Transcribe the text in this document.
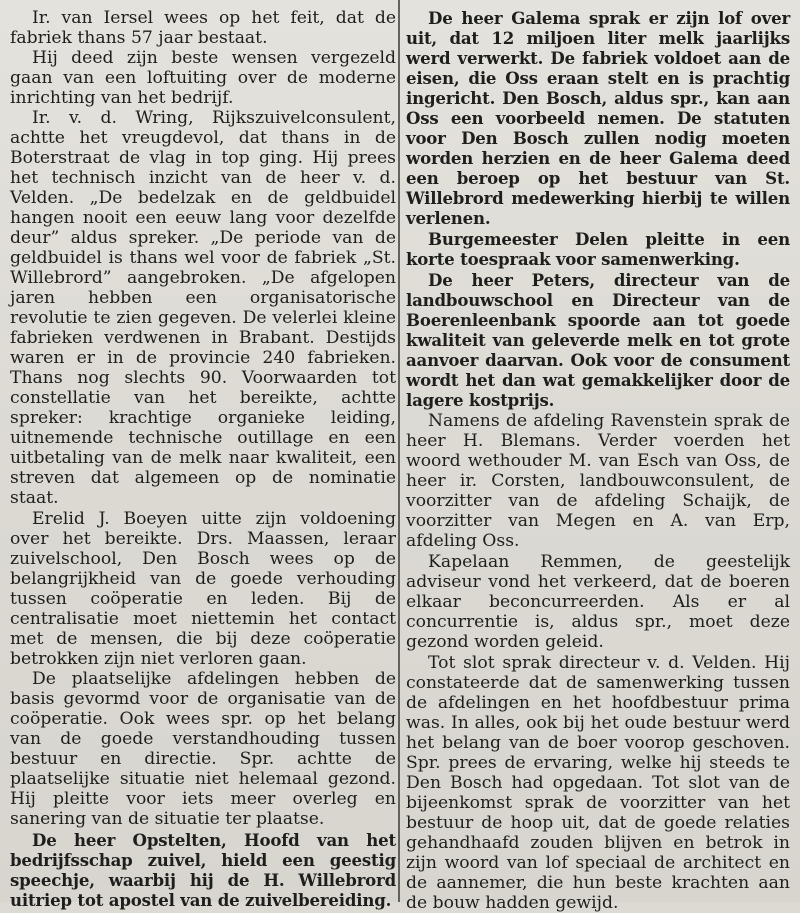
Ir. van Iersel wees op het feit, dat de fabriek thans 57 jaar bestaat.

Hij deed zijn beste wensen vergezeld gaan van een loftuiting over de moderne inrichting van het bedrijf.

Ir. v. d. Wring, Rijkszuivelconsulent, achtte het vreugdevol, dat thans in de Boterstraat de vlag in top ging. Hij prees het technisch inzicht van de heer v. d. Velden. „De bedelzak en de geldbuidel hangen nooit een eeuw lang voor dezelfde deur” aldus spreker. „De periode van de geldbuidel is thans wel voor de fabriek „St. Willebrord” aangebroken. „De afgelopen jaren hebben een organisatorische revolutie te zien gegeven. De velerlei kleine fabrieken verdwenen in Brabant. Destijds waren er in de provincie 240 fabrieken. Thans nog slechts 90. Voorwaarden tot constellatie van het bereikte, achtte spreker: krachtige organieke leiding, uitnemende technische outillage en een uitbetaling van de melk naar kwaliteit, een streven dat algemeen op de nominatie staat.

Erelid J. Boeyen uitte zijn voldoening over het bereikte. Drs. Maassen, leraar zuivelschool, Den Bosch wees op de belangrijkheid van de goede verhouding tussen coöperatie en leden. Bij de centralisatie moet niettemin het contact met de mensen, die bij deze coöperatie betrokken zijn niet verloren gaan.

De plaatselijke afdelingen hebben de basis gevormd voor de organisatie van de coöperatie. Ook wees spr. op het belang van de goede verstandhouding tussen bestuur en directie. Spr. achtte de plaatselijke situatie niet helemaal gezond. Hij pleitte voor iets meer overleg en sanering van de situatie ter plaatse.

De heer Opstelten, Hoofd van het bedrijfsschap zuivel, hield een geestig speechje, waarbij hij de H. Willebrord uitriep tot apostel van de zuivelbereiding.

De heer Galema sprak er zijn lof over uit, dat 12 miljoen liter melk jaarlijks werd verwerkt. De fabriek voldoet aan de eisen, die Oss eraan stelt en is prachtig ingericht. Den Bosch, aldus spr., kan aan Oss een voorbeeld nemen. De statuten voor Den Bosch zullen nodig moeten worden herzien en de heer Galema deed een beroep op het bestuur van St. Willebrord medewerking hierbij te willen verlenen.

Burgemeester Delen pleitte in een korte toespraak voor samenwerking.

De heer Peters, directeur van de landbouwschool en Directeur van de Boerenleenbank spoorde aan tot goede kwaliteit van geleverde melk en tot grote aanvoer daarvan. Ook voor de consument wordt het dan wat gemakkelijker door de lagere kostprijs.

Namens de afdeling Ravenstein sprak de heer H. Blemans. Verder voerden het woord wethouder M. van Esch van Oss, de heer ir. Corsten, landbouwconsulent, de voorzitter van de afdeling Schaijk, de voorzitter van Megen en A. van Erp, afdeling Oss.

Kapelaan Remmen, de geestelijk adviseur vond het verkeerd, dat de boeren elkaar beconcurreerden. Als er al concurrentie is, aldus spr., moet deze gezond worden geleid.

Tot slot sprak directeur v. d. Velden. Hij constateerde dat de samenwerking tussen de afdelingen en het hoofdbestuur prima was. In alles, ook bij het oude bestuur werd het belang van de boer voorop geschoven. Spr. prees de ervaring, welke hij steeds te Den Bosch had opgedaan. Tot slot van de bijeenkomst sprak de voorzitter van het bestuur de hoop uit, dat de goede relaties gehandhaafd zouden blijven en betrok in zijn woord van lof speciaal de architect en de aannemer, die hun beste krachten aan de bouw hadden gewijd.
